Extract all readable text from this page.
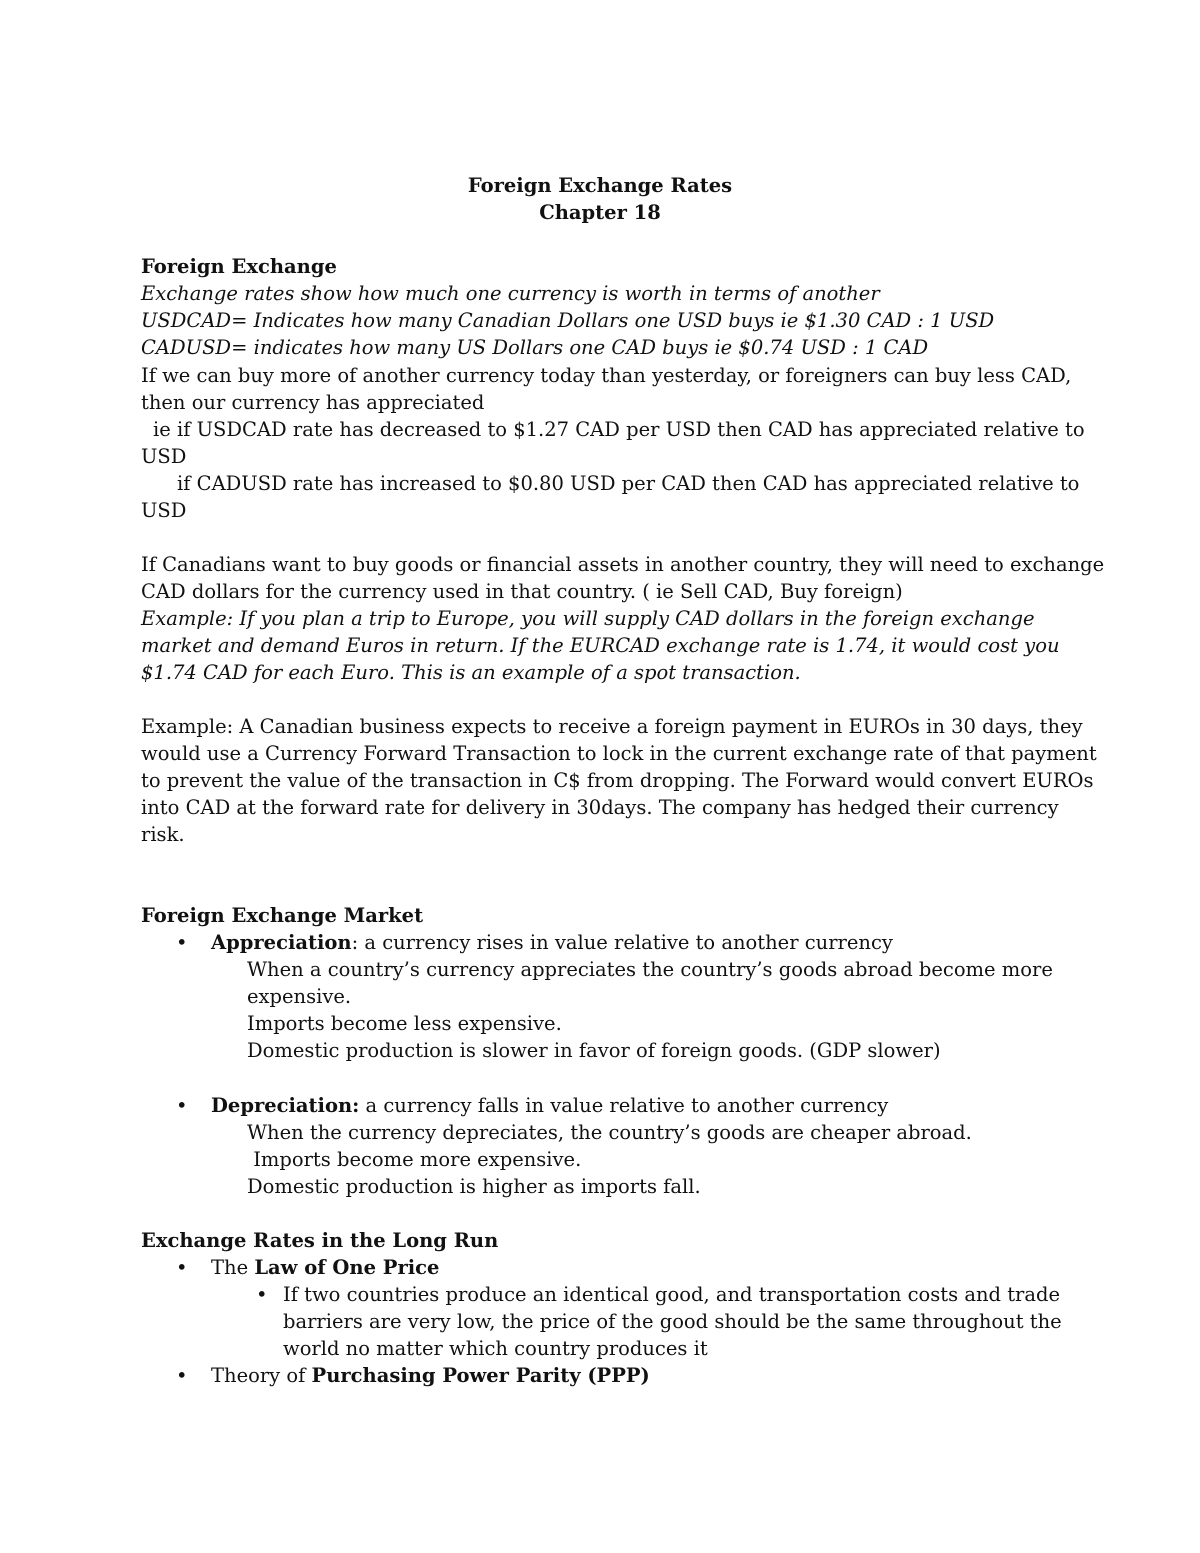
Foreign Exchange Rates
Chapter 18
Foreign Exchange
Exchange rates show how much one currency is worth in terms of another
USDCAD= Indicates how many Canadian Dollars one USD buys ie $1.30 CAD : 1 USD
CADUSD= indicates how many US Dollars one CAD buys ie $0.74 USD : 1 CAD
If we can buy more of another currency today than yesterday, or foreigners can buy less CAD,
then our currency has appreciated
ie if USDCAD rate has decreased to $1.27 CAD per USD then CAD has appreciated relative to
USD
if CADUSD rate has increased to $0.80 USD per CAD then CAD has appreciated relative to
USD
If Canadians want to buy goods or financial assets in another country, they will need to exchange
CAD dollars for the currency used in that country. ( ie Sell CAD, Buy foreign)
Example: If you plan a trip to Europe, you will supply CAD dollars in the foreign exchange
market and demand Euros in return. If the EURCAD exchange rate is 1.74, it would cost you
$1.74 CAD for each Euro. This is an example of a spot transaction.
Example: A Canadian business expects to receive a foreign payment in EUROs in 30 days, they
would use a Currency Forward Transaction to lock in the current exchange rate of that payment
to prevent the value of the transaction in C$ from dropping. The Forward would convert EUROs
into CAD at the forward rate for delivery in 30days. The company has hedged their currency
risk.
Foreign Exchange Market
• Appreciation: a currency rises in value relative to another currency
When a country’s currency appreciates the country’s goods abroad become more
expensive.
Imports become less expensive.
Domestic production is slower in favor of foreign goods. (GDP slower)
• Depreciation: a currency falls in value relative to another currency
When the currency depreciates, the country’s goods are cheaper abroad.
Imports become more expensive.
Domestic production is higher as imports fall.
Exchange Rates in the Long Run
• The Law of One Price
• If two countries produce an identical good, and transportation costs and trade
barriers are very low, the price of the good should be the same throughout the
world no matter which country produces it
• Theory of Purchasing Power Parity (PPP)
